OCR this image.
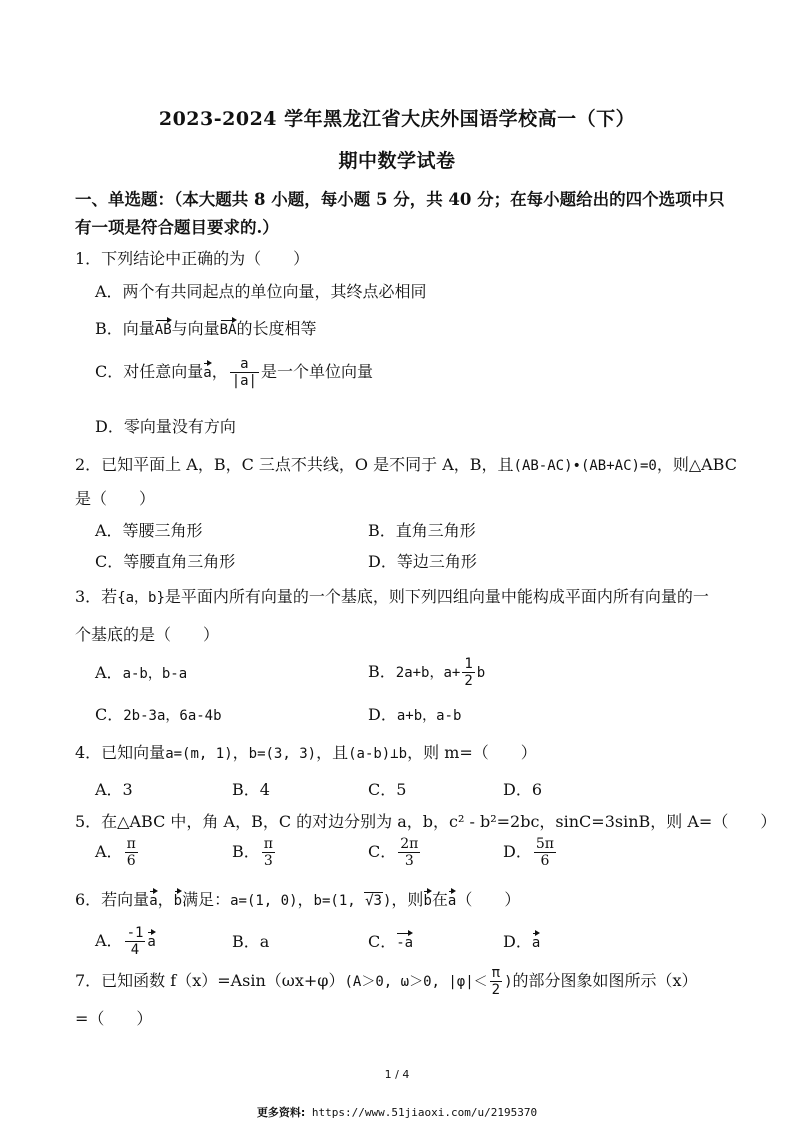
2023-2024 学年黑龙江省大庆外国语学校高一（下）
期中数学试卷
一、单选题：（本大题共 8 小题，每小题 5 分，共 40 分；在每小题给出的四个选项中只有一项是符合题目要求的.）
1．下列结论中正确的为（　　）
A．两个有共同起点的单位向量，其终点必相同
B．向量AB与向量BA的长度相等
C．对任意向量a， $\frac{a}{|a|}$ 是一个单位向量
D．零向量没有方向
2．已知平面上 A，B，C 三点不共线，O 是不同于 A，B，且(AB-AC)•(AB+AC)=0，则△ABC
是（　　）
A．等腰三角形	B．直角三角形
C．等腰直角三角形	D．等边三角形
3．若{a，b}是平面内所有向量的一个基底，则下列四组向量中能构成平面内所有向量的一
个基底的是（　　）
A．a-b，b-a	B．2a+b，$a+ \frac{1}{2}$ b
C．2b-3a，6a-4b	D．a+b，a-b
4．已知向量a=(m, 1)，b=(3, 3)，且(a-b)⊥b，则 m=（　　）
A．3	B．4	C．5	D．6
5．在△ABC 中，角 A，B，C 的对边分别为 a，b，c² - b²=2bc，sinC=3sinB，则 A=（　　）
A． $\frac{\pi}{6}$	B． $\frac{\pi}{3}$	C． $\frac{2\pi}{3}$	D． $\frac{5\pi}{6}$
6．若向量a，b满足：a=(1, 0)，b=(1, √3)，则b在a（　　）
A． $\frac{-1}{4}$ a	B．a	C．-a	D．a
7．已知函数 f（x）=Asin（ωx+φ）(A＞0, ω＞0, $|\varphi|< \frac{\pi}{2}$ )的部分图象如图所示（x）
=（　　）
1 / 4
更多资料: https://www.51jiaoxi.com/u/2195370
